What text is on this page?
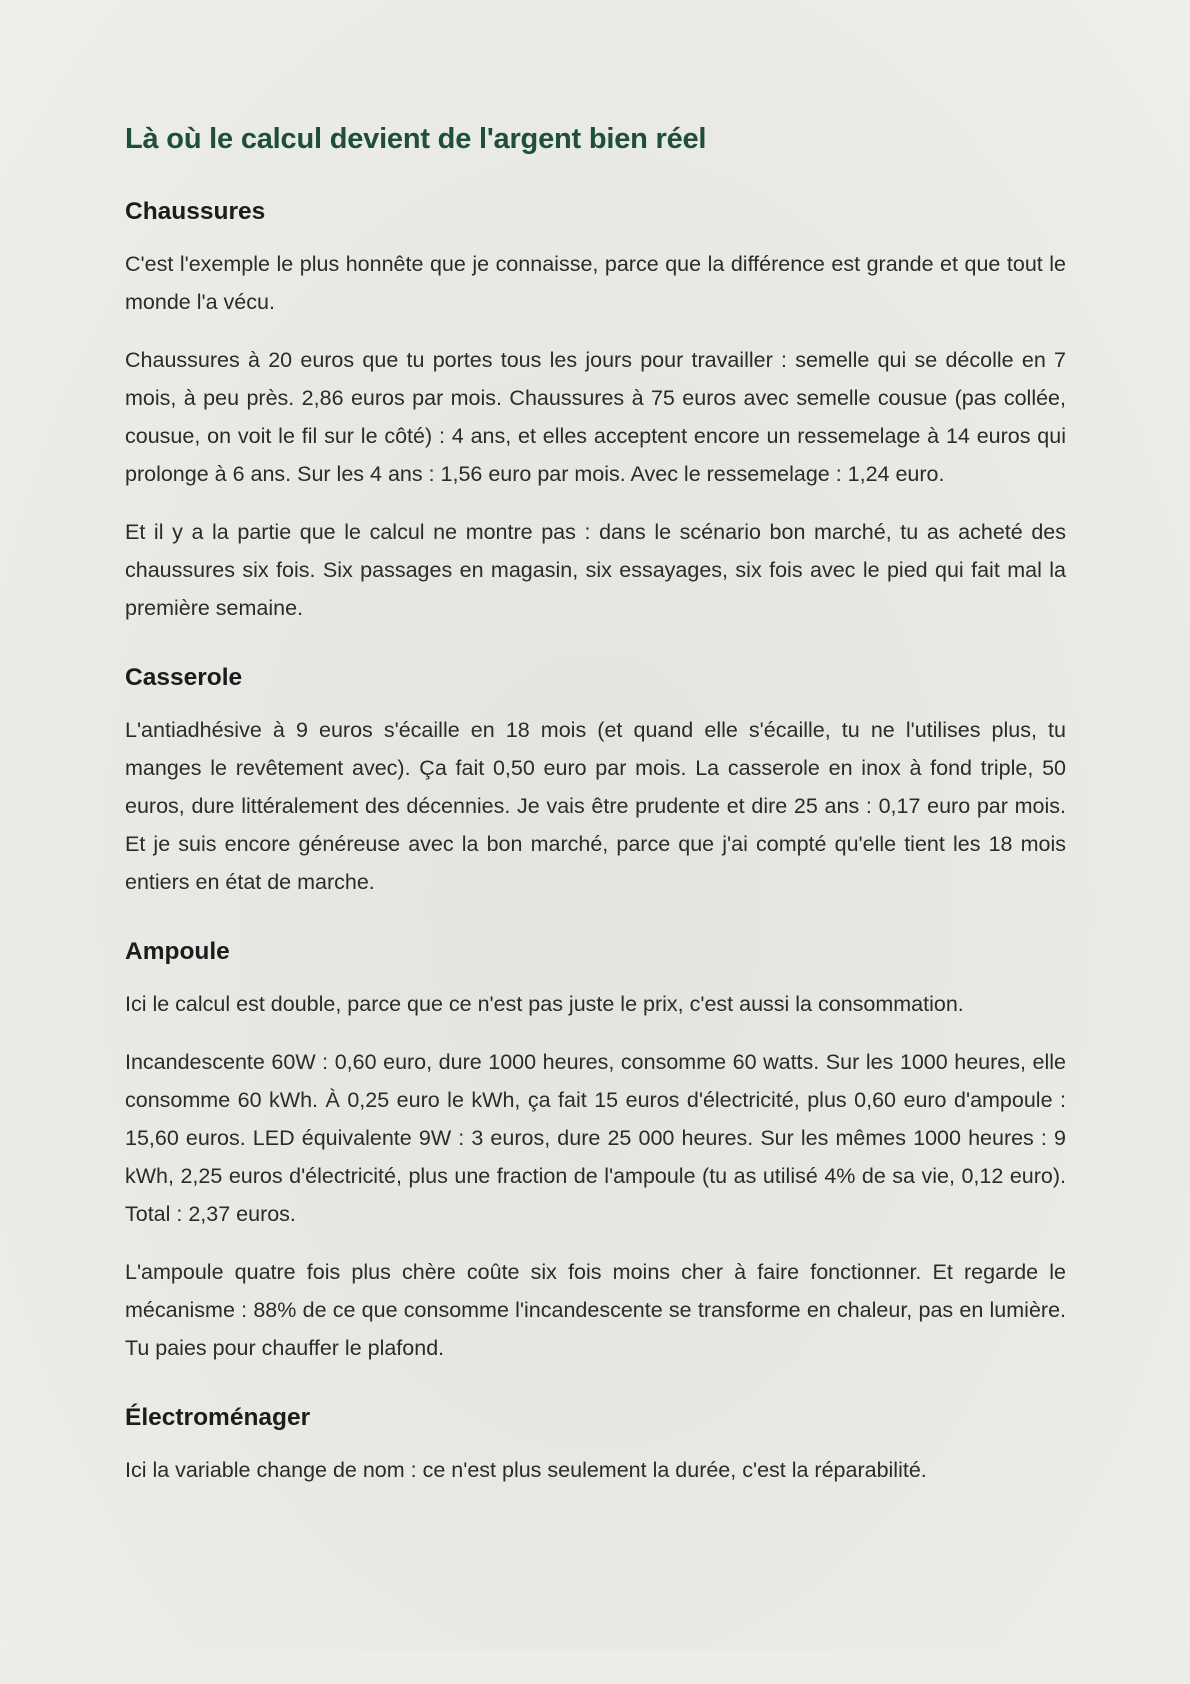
Là où le calcul devient de l'argent bien réel
Chaussures

C'est l'exemple le plus honnête que je connaisse, parce que la différence est grande et que tout le monde l'a vécu.

Chaussures à 20 euros que tu portes tous les jours pour travailler : semelle qui se décolle en 7 mois, à peu près. 2,86 euros par mois. Chaussures à 75 euros avec semelle cousue (pas collée, cousue, on voit le fil sur le côté) : 4 ans, et elles acceptent encore un ressemelage à 14 euros qui prolonge à 6 ans. Sur les 4 ans : 1,56 euro par mois. Avec le ressemelage : 1,24 euro.

Et il y a la partie que le calcul ne montre pas : dans le scénario bon marché, tu as acheté des chaussures six fois. Six passages en magasin, six essayages, six fois avec le pied qui fait mal la première semaine.

Casserole

L'antiadhésive à 9 euros s'écaille en 18 mois (et quand elle s'écaille, tu ne l'utilises plus, tu manges le revêtement avec). Ça fait 0,50 euro par mois. La casserole en inox à fond triple, 50 euros, dure littéralement des décennies. Je vais être prudente et dire 25 ans : 0,17 euro par mois. Et je suis encore généreuse avec la bon marché, parce que j'ai compté qu'elle tient les 18 mois entiers en état de marche.

Ampoule

Ici le calcul est double, parce que ce n'est pas juste le prix, c'est aussi la consommation.

Incandescente 60W : 0,60 euro, dure 1000 heures, consomme 60 watts. Sur les 1000 heures, elle consomme 60 kWh. À 0,25 euro le kWh, ça fait 15 euros d'électricité, plus 0,60 euro d'ampoule : 15,60 euros. LED équivalente 9W : 3 euros, dure 25 000 heures. Sur les mêmes 1000 heures : 9 kWh, 2,25 euros d'électricité, plus une fraction de l'ampoule (tu as utilisé 4% de sa vie, 0,12 euro). Total : 2,37 euros.

L'ampoule quatre fois plus chère coûte six fois moins cher à faire fonctionner. Et regarde le mécanisme : 88% de ce que consomme l'incandescente se transforme en chaleur, pas en lumière. Tu paies pour chauffer le plafond.

Électroménager

Ici la variable change de nom : ce n'est plus seulement la durée, c'est la réparabilité.
